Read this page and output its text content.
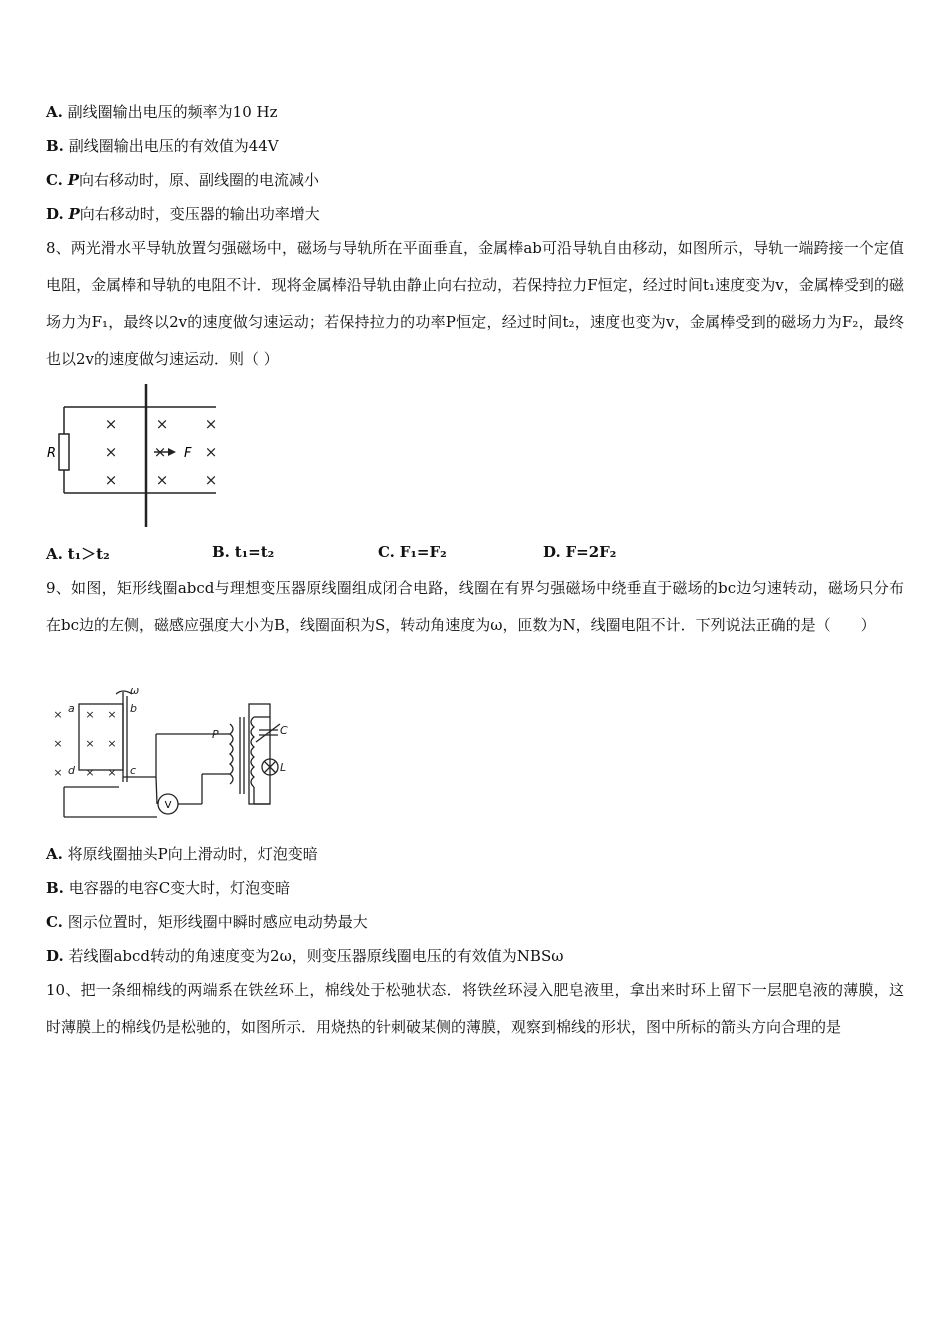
A. 副线圈输出电压的频率为10 Hz
B. 副线圈输出电压的有效值为44V
C. P向右移动时，原、副线圈的电流减小
D. P向右移动时，变压器的输出功率增大
8、两光滑水平导轨放置匀强磁场中，磁场与导轨所在平面垂直，金属棒ab可沿导轨自由移动，如图所示，导轨一端跨接一个定值电阻，金属棒和导轨的电阻不计．现将金属棒沿导轨由静止向右拉动，若保持拉力F恒定，经过时间t₁速度变为v，金属棒受到的磁场力为F₁，最终以2v的速度做匀速运动；若保持拉力的功率P恒定，经过时间t₂，速度也变为v，金属棒受到的磁场力为F₂，最终也以2v的速度做匀速运动．则（ ）
R	F
×	× ×
× ×	×
×	× ×
A. t₁＞t₂	B. t₁=t₂	C. F₁=F₂	D. F=2F₂
9、如图，矩形线圈abcd与理想变压器原线圈组成闭合电路，线圈在有界匀强磁场中绕垂直于磁场的bc边匀速转动，磁场只分布在bc边的左侧，磁感应强度大小为B，线圈面积为S，转动角速度为ω，匝数为N，线圈电阻不计．下列说法正确的是（　　）
a	b
c
d
ω
P	C
L
V
×
×
×
×
×
×
×
×
×
A. 将原线圈抽头P向上滑动时，灯泡变暗
B. 电容器的电容C变大时，灯泡变暗
C. 图示位置时，矩形线圈中瞬时感应电动势最大
D. 若线圈abcd转动的角速度变为2ω，则变压器原线圈电压的有效值为NBSω
10、把一条细棉线的两端系在铁丝环上，棉线处于松驰状态．将铁丝环浸入肥皂液里，拿出来时环上留下一层肥皂液的薄膜，这时薄膜上的棉线仍是松驰的，如图所示．用烧热的针刺破某侧的薄膜，观察到棉线的形状，图中所标的箭头方向合理的是
